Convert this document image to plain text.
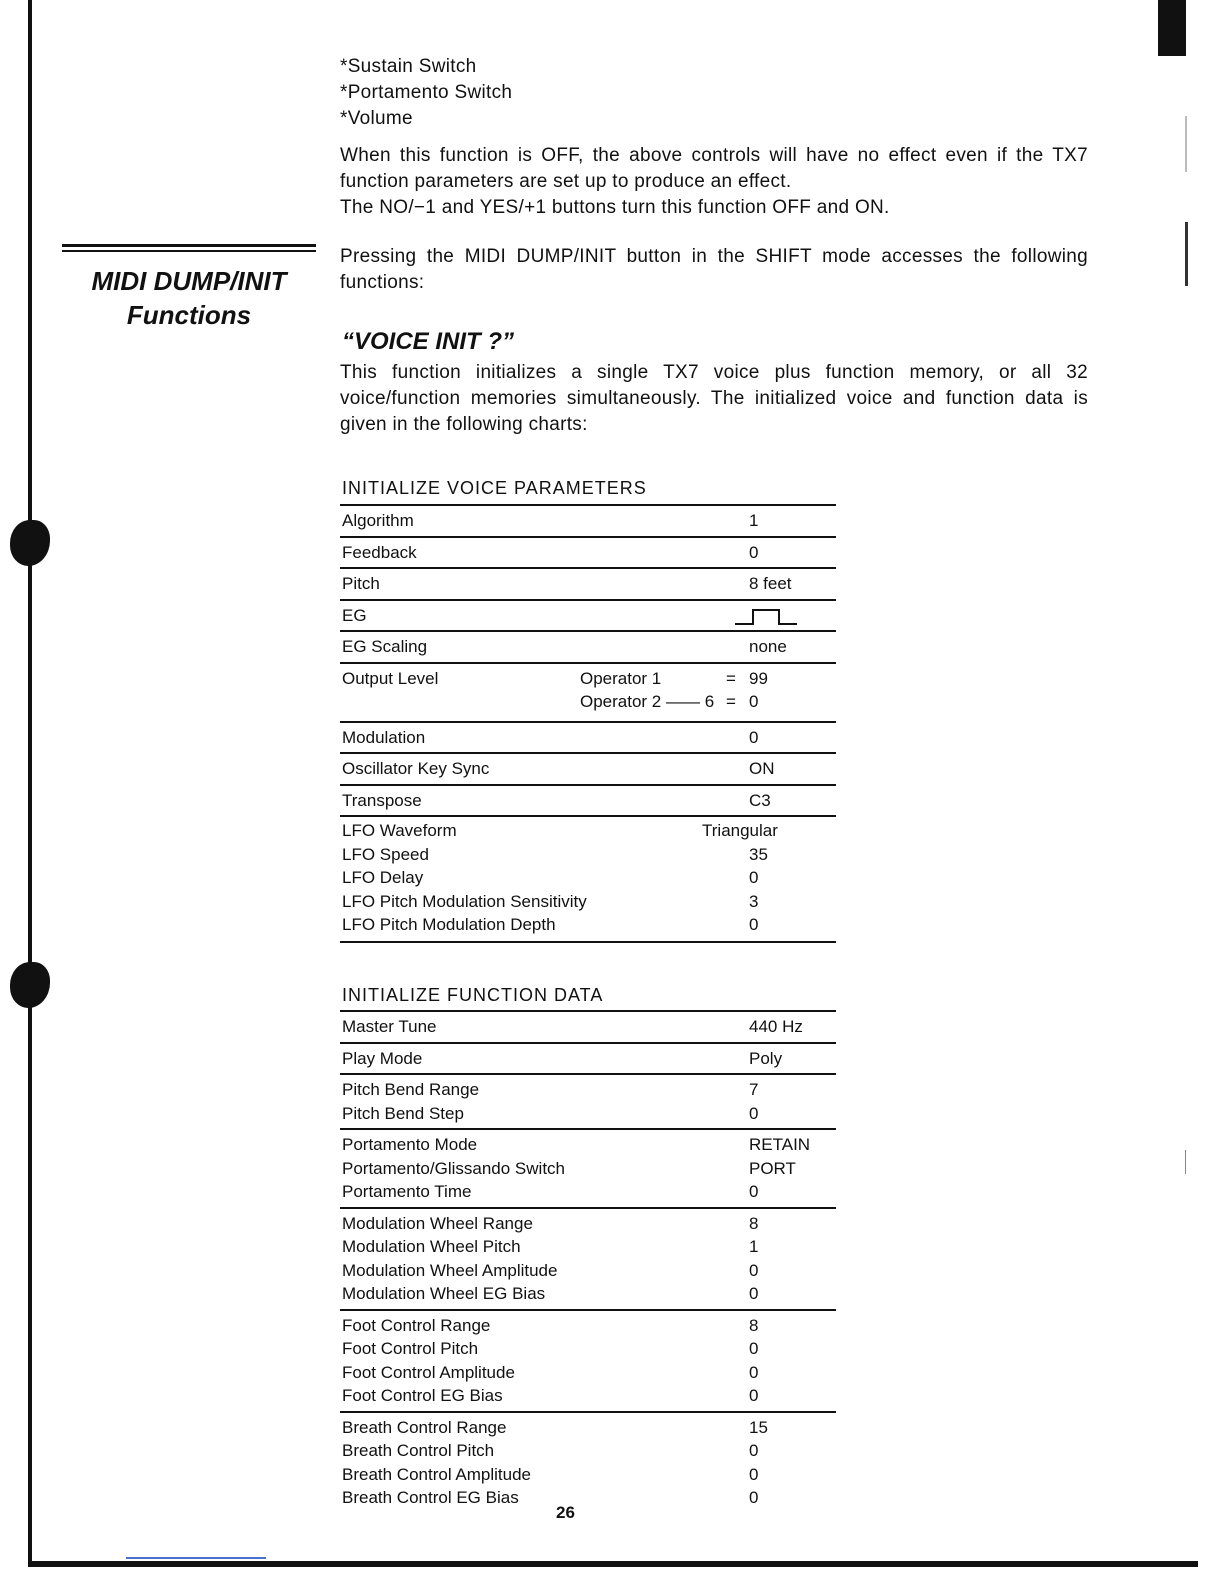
*Sustain Switch
*Portamento Switch
*Volume

When this function is OFF, the above controls will have no effect even if the TX7 function parameters are set up to produce an effect.

The NO/−1 and YES/+1 buttons turn this function OFF and ON.

MIDI DUMP/INIT
Functions

Pressing the MIDI DUMP/INIT button in the SHIFT mode accesses the following functions:

“VOICE INIT ?”

This function initializes a single TX7 voice plus function memory, or all 32 voice/function memories simultaneously. The initialized voice and function data is given in the following charts:

INITIALIZE VOICE PARAMETERS
Algorithm	1
Feedback	0
Pitch	8 feet
EG
EG Scaling	none
Output Level	Operator 1	= 99
Operator 2 —— 6 = 0
Modulation	0
Oscillator Key Sync	ON
Transpose	C3
LFO Waveform	Triangular
LFO Speed	35
LFO Delay	0
LFO Pitch Modulation Sensitivity	3
LFO Pitch Modulation Depth	0
INITIALIZE FUNCTION DATA
Master Tune	440 Hz
Play Mode	Poly
Pitch Bend Range	7
Pitch Bend Step	0
Portamento Mode	RETAIN
Portamento/Glissando Switch	PORT
Portamento Time	0
Modulation Wheel Range	8
Modulation Wheel Pitch	1
Modulation Wheel Amplitude	0
Modulation Wheel EG Bias	0
Foot Control Range	8
Foot Control Pitch	0
Foot Control Amplitude	0
Foot Control EG Bias	0
Breath Control Range	15
Breath Control Pitch	0
Breath Control Amplitude	0
Breath Control EG Bias	0
26
